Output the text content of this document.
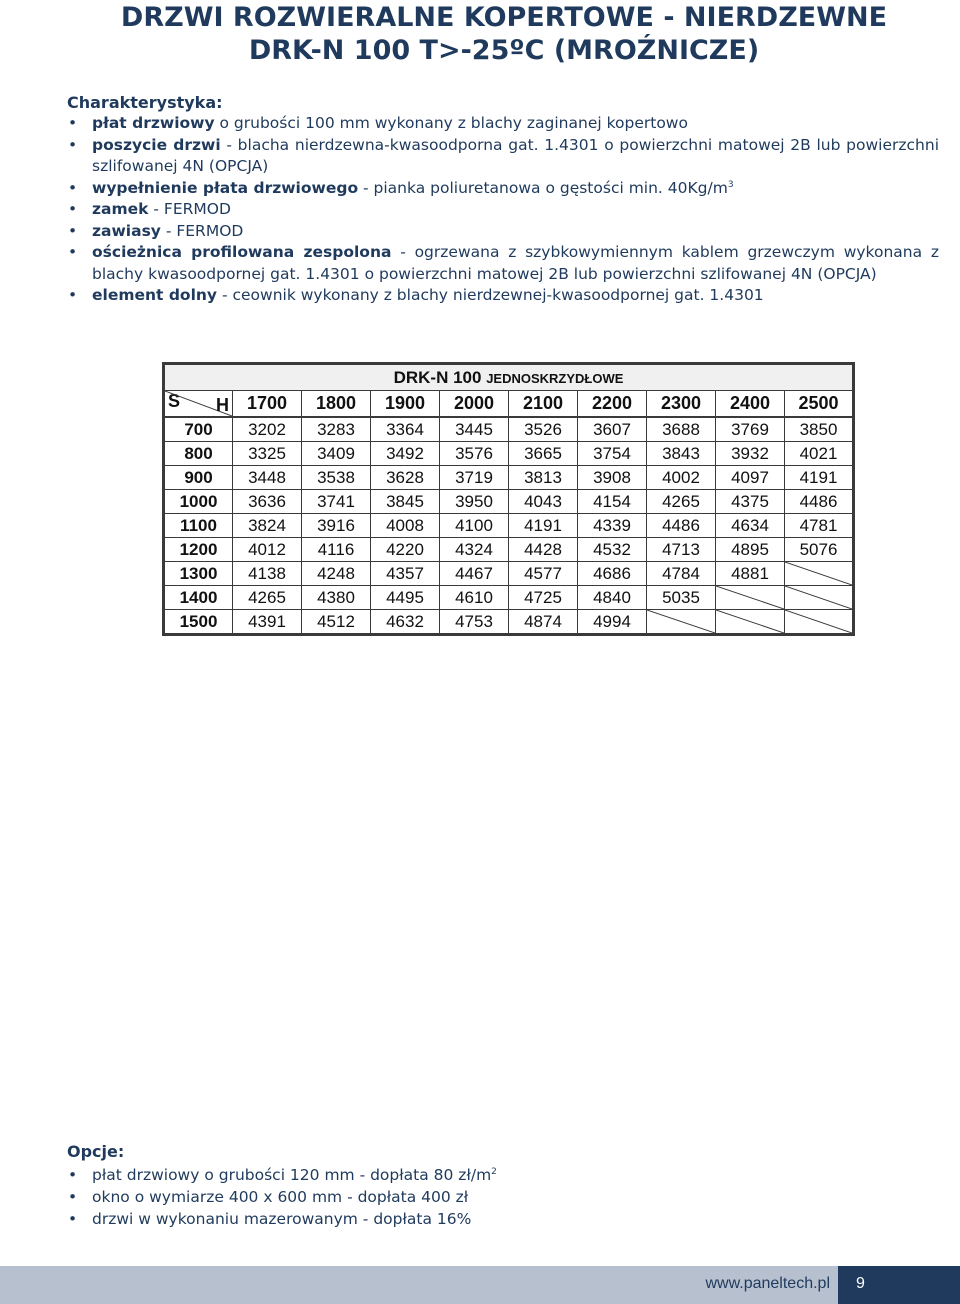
DRZWI ROZWIERALNE KOPERTOWE - NIERDZEWNE
DRK-N 100 T>-25ºC (MROŹNICZE)
Charakterystyka:
• płat drzwiowy o grubości 100 mm wykonany z blachy zaginanej kopertowo
• poszycie drzwi - blacha nierdzewna-kwasoodporna gat. 1.4301 o powierzchni matowej 2B lub powierzchni szlifowanej 4N (OPCJA)
• wypełnienie płata drzwiowego - pianka poliuretanowa o gęstości min. $40Kg/m^3$
• zamek - FERMOD
• zawiasy - FERMOD
• ościeżnica profilowana zespolona - ogrzewana z szybkowymiennym kablem grzewczym wykonana z blachy kwasoodpornej gat. 1.4301 o powierzchni matowej 2B lub powierzchni szlifowanej 4N (OPCJA)
• element dolny - ceownik wykonany z blachy nierdzewnej-kwasoodpornej gat. 1.4301
DRK-N 100 JEDNOSKRZYDŁOWE									

S H	1700	1800	1900	2000	2100	2200	2300	2400	2500
700	3202	3283	3364	3445	3526	3607	3688	3769	3850
800	3325	3409	3492	3576	3665	3754	3843	3932	4021
900	3448	3538	3628	3719	3813	3908	4002	4097	4191
1000	3636	3741	3845	3950	4043	4154	4265	4375	4486
1100	3824	3916	4008	4100	4191	4339	4486	4634	4781
1200	4012	4116	4220	4324	4428	4532	4713	4895	5076
1300	4138	4248	4357	4467	4577	4686	4784	4881	

1400	4265	4380	4495	4610	4725	4840	5035	

1500	4391	4512	4632	4753	4874	4994	

Opcje:
• płat drzwiowy o grubości 120 mm - dopłata 80 $zł/m^2$
• okno o wymiarze 400 x 600 mm - dopłata 400 zł
• drzwi w wykonaniu mazerowanym - dopłata 16%
www.paneltech.pl 9
